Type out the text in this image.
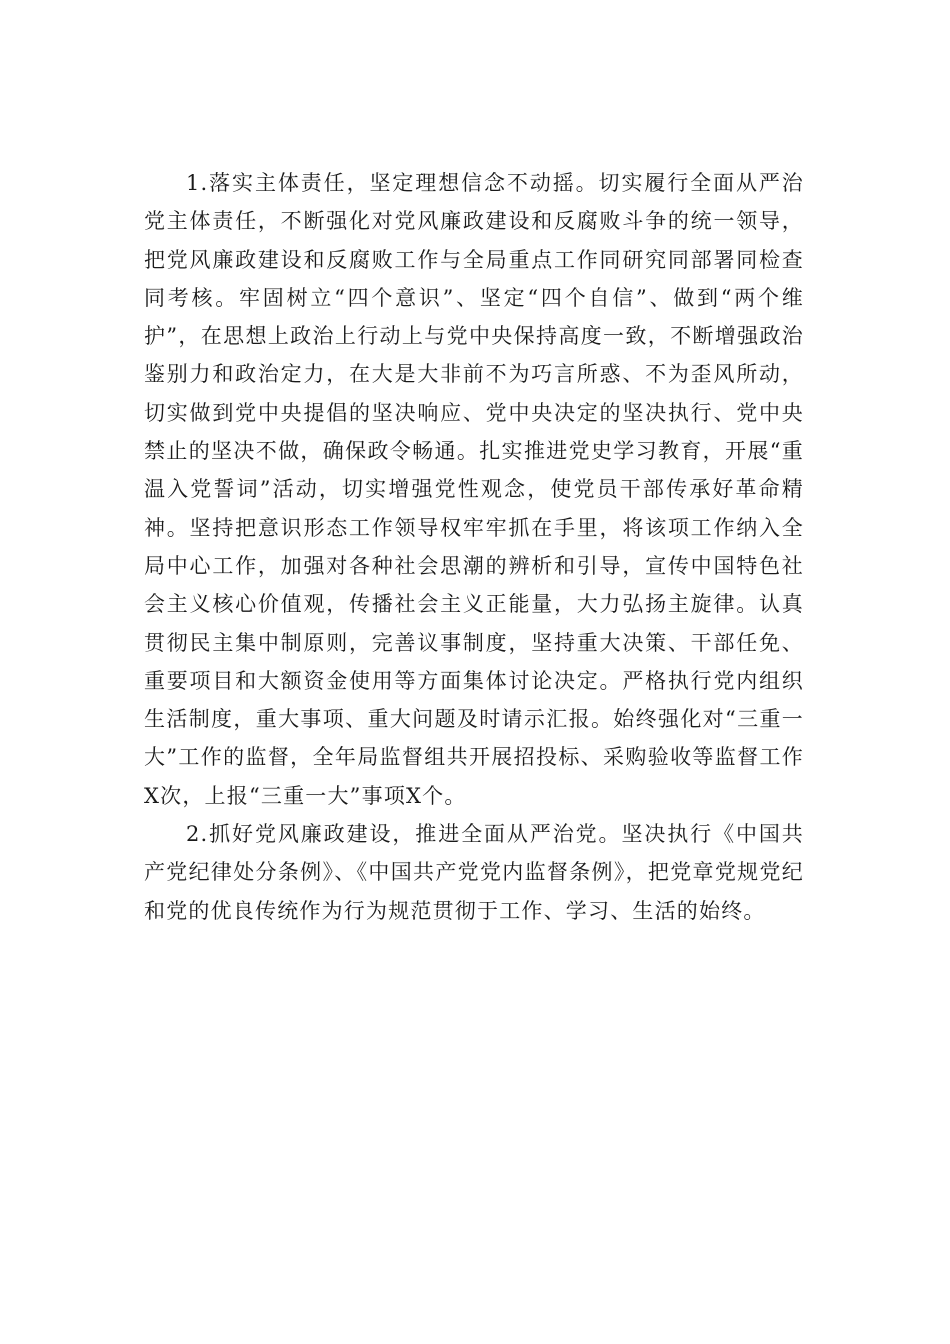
1.落实主体责任，坚定理想信念不动摇。切实履行全面从严治党主体责任，不断强化对党风廉政建设和反腐败斗争的统一领导，把党风廉政建设和反腐败工作与全局重点工作同研究同部署同检查同考核。牢固树立“四个意识”、坚定“四个自信”、做到“两个维护”，在思想上政治上行动上与党中央保持高度一致，不断增强政治鉴别力和政治定力，在大是大非前不为巧言所惑、不为歪风所动，切实做到党中央提倡的坚决响应、党中央决定的坚决执行、党中央禁止的坚决不做，确保政令畅通。扎实推进党史学习教育，开展“重温入党誓词”活动，切实增强党性观念，使党员干部传承好革命精神。坚持把意识形态工作领导权牢牢抓在手里，将该项工作纳入全局中心工作，加强对各种社会思潮的辨析和引导，宣传中国特色社会主义核心价值观，传播社会主义正能量，大力弘扬主旋律。认真贯彻民主集中制原则，完善议事制度，坚持重大决策、干部任免、重要项目和大额资金使用等方面集体讨论决定。严格执行党内组织生活制度，重大事项、重大问题及时请示汇报。始终强化对“三重一大”工作的监督，全年局监督组共开展招投标、采购验收等监督工作X次，上报“三重一大”事项X个。

2.抓好党风廉政建设，推进全面从严治党。坚决执行《中国共产党纪律处分条例》、《中国共产党党内监督条例》，把党章党规党纪和党的优良传统作为行为规范贯彻于工作、学习、生活的始终。
